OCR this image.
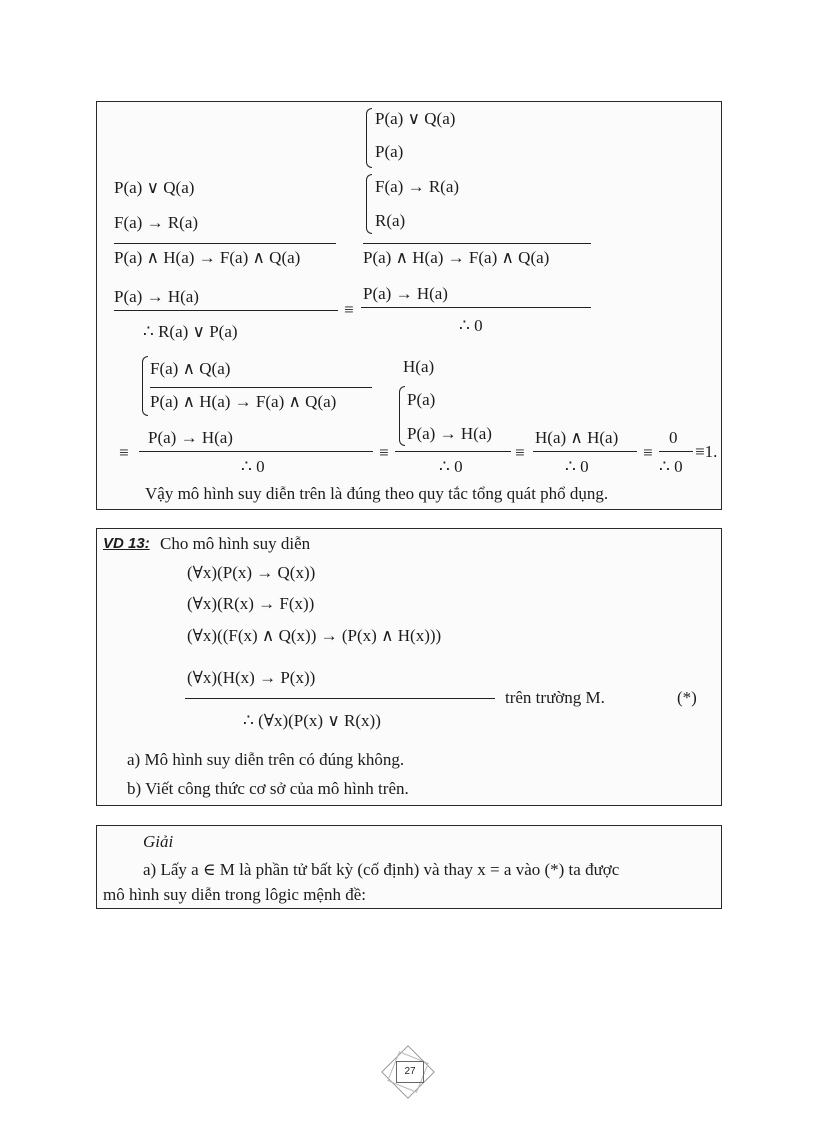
P(a) ∨ Q(a)
P(a)
P(a) ∨ Q(a)
F(a) → R(a)
P(a) ∧ H(a) → F(a) ∧ Q(a)
P(a) → H(a)
∴ R(a) ∨ P(a)
F(a) → R(a)
R(a)
P(a) ∧ H(a) → F(a) ∧ Q(a)
≡
P(a) → H(a)
∴ 0
F(a) ∧ Q(a)
P(a) ∧ H(a) → F(a) ∧ Q(a)
≡
P(a) → H(a)
∴ 0
H(a)
≡
P(a)
P(a) → H(a)
∴ 0
≡
H(a) ∧ H(a)
∴ 0
≡
0
∴ 0
≡1.
Vậy mô hình suy diễn trên là đúng theo quy tắc tổng quát phổ dụng.
VD 13: Cho mô hình suy diễn
(∀x)(P(x) → Q(x))
(∀x)(R(x) → F(x))
(∀x)((F(x) ∧ Q(x)) → (P(x) ∧ H(x)))
(∀x)(H(x) → P(x))
trên trường M.	(*)
∴ (∀x)(P(x) ∨ R(x))
a) Mô hình suy diễn trên có đúng không.
b) Viết công thức cơ sở của mô hình trên.
Giải
a) Lấy a ∈ M là phần tử bất kỳ (cố định) và thay x = a vào (*) ta được
mô hình suy diễn trong lôgic mệnh đề:
27
